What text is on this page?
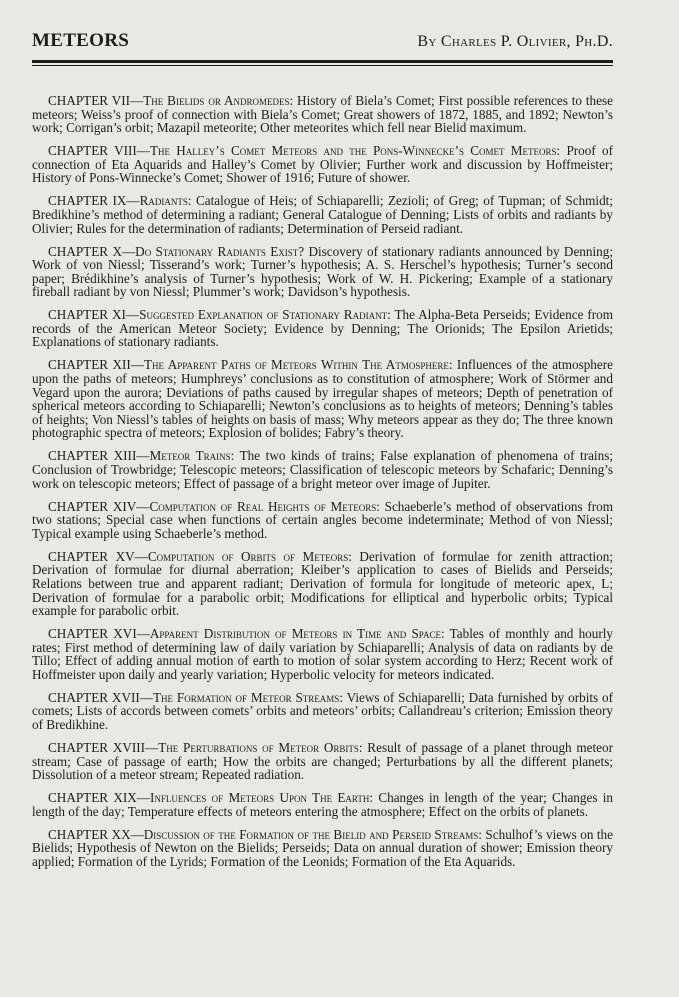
METEORS	By Charles P. Olivier, Ph.D.

CHAPTER VII—The Bielids or Andromedes: History of Biela’s Comet; First possible references to these meteors; Weiss’s proof of connection with Biela’s Comet; Great showers of 1872, 1885, and 1892; Newton’s work; Corrigan’s orbit; Mazapil meteorite; Other meteorites which fell near Bielid maximum.

CHAPTER VIII—The Halley’s Comet Meteors and the Pons-Winnecke’s Comet Meteors: Proof of connection of Eta Aquarids and Halley’s Comet by Olivier; Further work and discussion by Hoffmeister; History of Pons-Winnecke’s Comet; Shower of 1916; Future of shower.

CHAPTER IX—Radiants: Catalogue of Heis; of Schiaparelli; Zezioli; of Greg; of Tupman; of Schmidt; Bredikhine’s method of determining a radiant; General Catalogue of Denning; Lists of orbits and radiants by Olivier; Rules for the determination of radiants; Determination of Perseid radiant.

CHAPTER X—Do Stationary Radiants Exist? Discovery of stationary radiants announced by Denning; Work of von Niessl; Tisserand’s work; Turner’s hypothesis; A. S. Herschel’s hypothesis; Turner’s second paper; Brédikhine’s analysis of Turner’s hypothesis; Work of W. H. Pickering; Example of a stationary fireball radiant by von Niessl; Plummer’s work; Davidson’s hypothesis.

CHAPTER XI—Suggested Explanation of Stationary Radiant: The Alpha-Beta Perseids; Evidence from records of the American Meteor Society; Evidence by Denning; The Orionids; The Epsilon Arietids; Explanations of stationary radiants.

CHAPTER XII—The Apparent Paths of Meteors Within The Atmosphere: Influences of the atmosphere upon the paths of meteors; Humphreys’ conclusions as to constitution of atmosphere; Work of Störmer and Vegard upon the aurora; Deviations of paths caused by irregular shapes of meteors; Depth of penetration of spherical meteors according to Schiaparelli; Newton’s conclusions as to heights of meteors; Denning’s tables of heights; Von Niessl’s tables of heights on basis of mass; Why meteors appear as they do; The three known photographic spectra of meteors; Explosion of bolides; Fabry’s theory.

CHAPTER XIII—Meteor Trains: The two kinds of trains; False explanation of phenomena of trains; Conclusion of Trowbridge; Telescopic meteors; Classification of telescopic meteors by Schafaric; Denning’s work on telescopic meteors; Effect of passage of a bright meteor over image of Jupiter.

CHAPTER XIV—Computation of Real Heights of Meteors: Schaeberle’s method of observations from two stations; Special case when functions of certain angles become indeterminate; Method of von Niessl; Typical example using Schaeberle’s method.

CHAPTER XV—Computation of Orbits of Meteors: Derivation of formulae for zenith attraction; Derivation of formulae for diurnal aberration; Kleiber’s application to cases of Bielids and Perseids; Relations between true and apparent radiant; Derivation of formula for longitude of meteoric apex, L; Derivation of formulae for a parabolic orbit; Modifications for elliptical and hyperbolic orbits; Typical example for parabolic orbit.

CHAPTER XVI—Apparent Distribution of Meteors in Time and Space: Tables of monthly and hourly rates; First method of determining law of daily variation by Schiaparelli; Analysis of data on radiants by de Tillo; Effect of adding annual motion of earth to motion of solar system according to Herz; Recent work of Hoffmeister upon daily and yearly variation; Hyperbolic velocity for meteors indicated.

CHAPTER XVII—The Formation of Meteor Streams: Views of Schiaparelli; Data furnished by orbits of comets; Lists of accords between comets’ orbits and meteors’ orbits; Callandreau’s criterion; Emission theory of Bredikhine.

CHAPTER XVIII—The Perturbations of Meteor Orbits: Result of passage of a planet through meteor stream; Case of passage of earth; How the orbits are changed; Perturbations by all the different planets; Dissolution of a meteor stream; Repeated radiation.

CHAPTER XIX—Influences of Meteors Upon The Earth: Changes in length of the year; Changes in length of the day; Temperature effects of meteors entering the atmosphere; Effect on the orbits of planets.

CHAPTER XX—Discussion of the Formation of the Bielid and Perseid Streams: Schulhof’s views on the Bielids; Hypothesis of Newton on the Bielids; Perseids; Data on annual duration of shower; Emission theory applied; Formation of the Lyrids; Formation of the Leonids; Formation of the Eta Aquarids.
